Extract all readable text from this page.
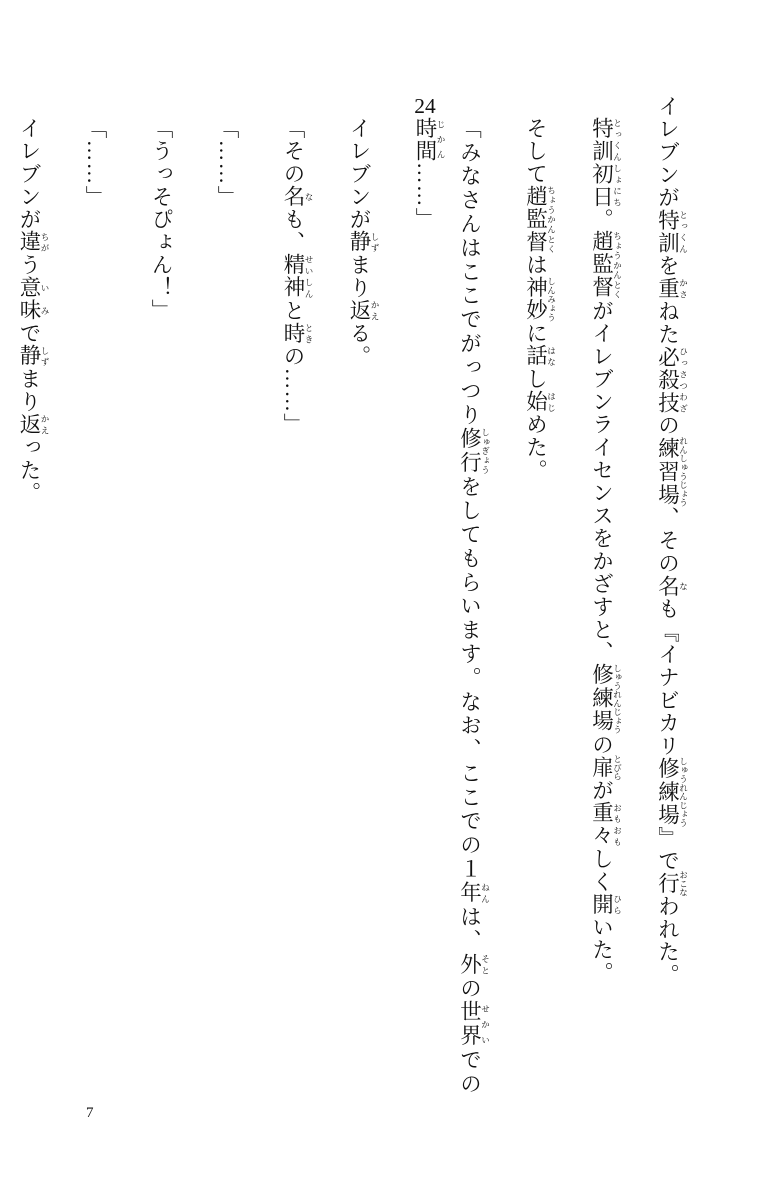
イレブンが特訓 とっくんを重 かさねた必殺技 ひっさつわざの練習場 れんしゅうじょう、その名 なも『イナビカリ修練場 しゅうれんじょう』で行 おこなわれた。

特訓初日 とっくんしょにち。趙監督 ちょうかんとくがイレブンライセンスをかざすと、修練場 しゅうれんじょうの扉 とびらが重々 おもおもしく開 ひらいた。

そして趙監督 ちょうかんとくは神妙 しんみょうに話 はなし始 はじめた。

「みなさんはここでがっつり修行 しゅぎょうをしてもらいます。なお、ここでの１年 ねんは、外 そとの世界 せかいでの24時間 じかん……」

イレブンが静 しずまり返 かえる。

「その名 なも、精神 せいしんと時 ときの……」

「……」

「うっそぴょん！」

「……」

イレブンが違 ちがう意味 いみで静 しずまり返 かえった。

7
